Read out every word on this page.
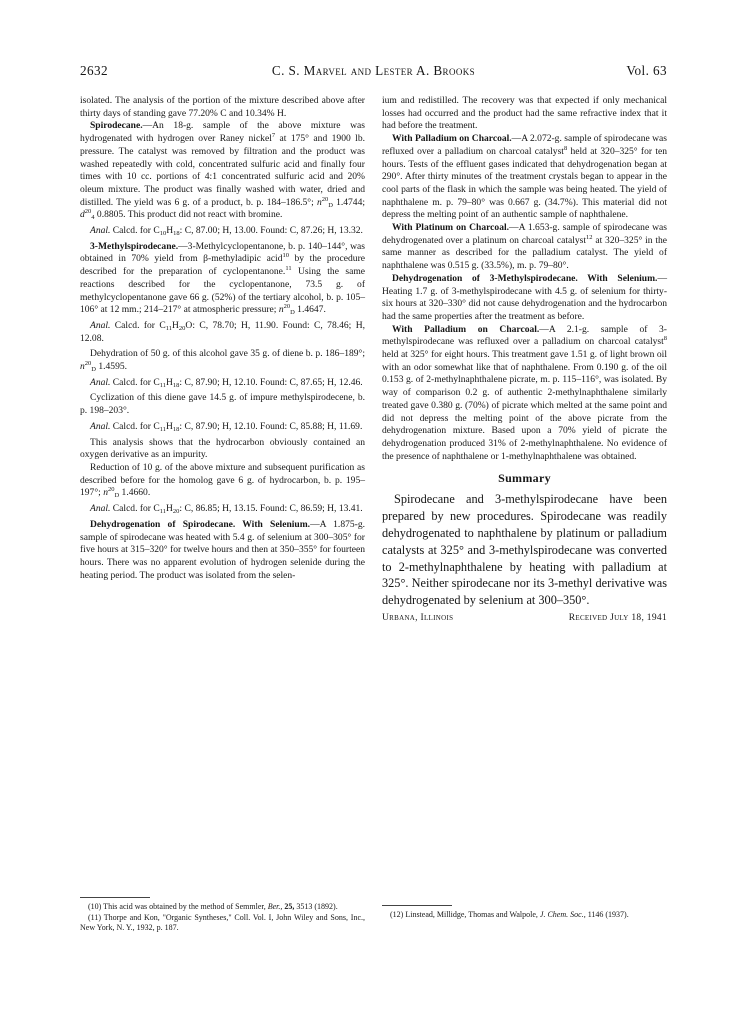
2632	C. S. Marvel and Lester A. Brooks	Vol. 63

isolated. The analysis of the portion of the mixture described above after thirty days of standing gave 77.20% C and 10.34% H.

Spirodecane.—An 18-g. sample of the above mixture was hydrogenated with hydrogen over Raney nickel$^7$ at 175° and 1900 lb. pressure. The catalyst was removed by filtration and the product was washed repeatedly with cold, concentrated sulfuric acid and finally four times with 10 cc. portions of 4:1 concentrated sulfuric acid and 20% oleum mixture. The product was finally washed with water, dried and distilled. The yield was 6 g. of a product, b. p. 184–186.5°; $n^{20}_D$ 1.4744; $d^{20}_4$ 0.8805. This product did not react with bromine.

Anal. Calcd. for $C_{10}H_{18}$: C, 87.00; H, 13.00. Found: C, 87.26; H, 13.32.

3-Methylspirodecane.—3-Methylcyclopentanone, b. p. 140–144°, was obtained in 70% yield from β-methyladipic acid$^{10}$ by the procedure described for the preparation of cyclopentanone.$^{11}$ Using the same reactions described for the cyclopentanone, 73.5 g. of methylcyclopentanone gave 66 g. (52%) of the tertiary alcohol, b. p. 105–106° at 12 mm.; 214–217° at atmospheric pressure; $n^{20}_D$ 1.4647.

Anal. Calcd. for $C_{11}H_{20}O$: C, 78.70; H, 11.90. Found: C, 78.46; H, 12.08.

Dehydration of 50 g. of this alcohol gave 35 g. of diene b. p. 186–189°; $n^{20}_D$ 1.4595.

Anal. Calcd. for $C_{11}H_{18}$: C, 87.90; H, 12.10. Found: C, 87.65; H, 12.46.

Cyclization of this diene gave 14.5 g. of impure methylspirodecene, b. p. 198–203°.

Anal. Calcd. for $C_{11}H_{18}$: C, 87.90; H, 12.10. Found: C, 85.88; H, 11.69.

This analysis shows that the hydrocarbon obviously contained an oxygen derivative as an impurity.

Reduction of 10 g. of the above mixture and subsequent purification as described before for the homolog gave 6 g. of hydrocarbon, b. p. 195–197°; $n^{20}_D$ 1.4660.

Anal. Calcd. for $C_{11}H_{20}$: C, 86.85; H, 13.15. Found: C, 86.59; H, 13.41.

Dehydrogenation of Spirodecane. With Selenium.—A 1.875-g. sample of spirodecane was heated with 5.4 g. of selenium at 300–305° for five hours at 315–320° for twelve hours and then at 350–355° for fourteen hours. There was no apparent evolution of hydrogen selenide during the heating period. The product was isolated from the selen-

ium and redistilled. The recovery was that expected if only mechanical losses had occurred and the product had the same refractive index that it had before the treatment.

With Palladium on Charcoal.—A 2.072-g. sample of spirodecane was refluxed over a palladium on charcoal catalyst$^8$ held at 320–325° for ten hours. Tests of the effluent gases indicated that dehydrogenation began at 290°. After thirty minutes of the treatment crystals began to appear in the cool parts of the flask in which the sample was being heated. The yield of naphthalene m. p. 79–80° was 0.667 g. (34.7%). This material did not depress the melting point of an authentic sample of naphthalene.

With Platinum on Charcoal.—A 1.653-g. sample of spirodecane was dehydrogenated over a platinum on charcoal catalyst$^{12}$ at 320–325° in the same manner as described for the palladium catalyst. The yield of naphthalene was 0.515 g. (33.5%), m. p. 79–80°.

Dehydrogenation of 3-Methylspirodecane. With Selenium.—Heating 1.7 g. of 3-methylspirodecane with 4.5 g. of selenium for thirty-six hours at 320–330° did not cause dehydrogenation and the hydrocarbon had the same properties after the treatment as before.

With Palladium on Charcoal.—A 2.1-g. sample of 3-methylspirodecane was refluxed over a palladium on charcoal catalyst$^8$ held at 325° for eight hours. This treatment gave 1.51 g. of light brown oil with an odor somewhat like that of naphthalene. From 0.190 g. of the oil 0.153 g. of 2-methylnaphthalene picrate, m. p. 115–116°, was isolated. By way of comparison 0.2 g. of authentic 2-methylnaphthalene similarly treated gave 0.380 g. (70%) of picrate which melted at the same point and did not depress the melting point of the above picrate from the dehydrogenation mixture. Based upon a 70% yield of picrate the dehydrogenation produced 31% of 2-methylnaphthalene. No evidence of the presence of naphthalene or 1-methylnaphthalene was obtained.

Summary

Spirodecane and 3-methylspirodecane have been prepared by new procedures. Spirodecane was readily dehydrogenated to naphthalene by platinum or palladium catalysts at 325° and 3-methylspirodecane was converted to 2-methylnaphthalene by heating with palladium at 325°. Neither spirodecane nor its 3-methyl derivative was dehydrogenated by selenium at 300–350°.

Urbana, Illinois	Received July 18, 1941

(10) This acid was obtained by the method of Semmler, Ber., 25, 3513 (1892).

(11) Thorpe and Kon, "Organic Syntheses," Coll. Vol. I, John Wiley and Sons, Inc., New York, N. Y., 1932, p. 187.

(12) Linstead, Millidge, Thomas and Walpole, J. Chem. Soc., 1146 (1937).
